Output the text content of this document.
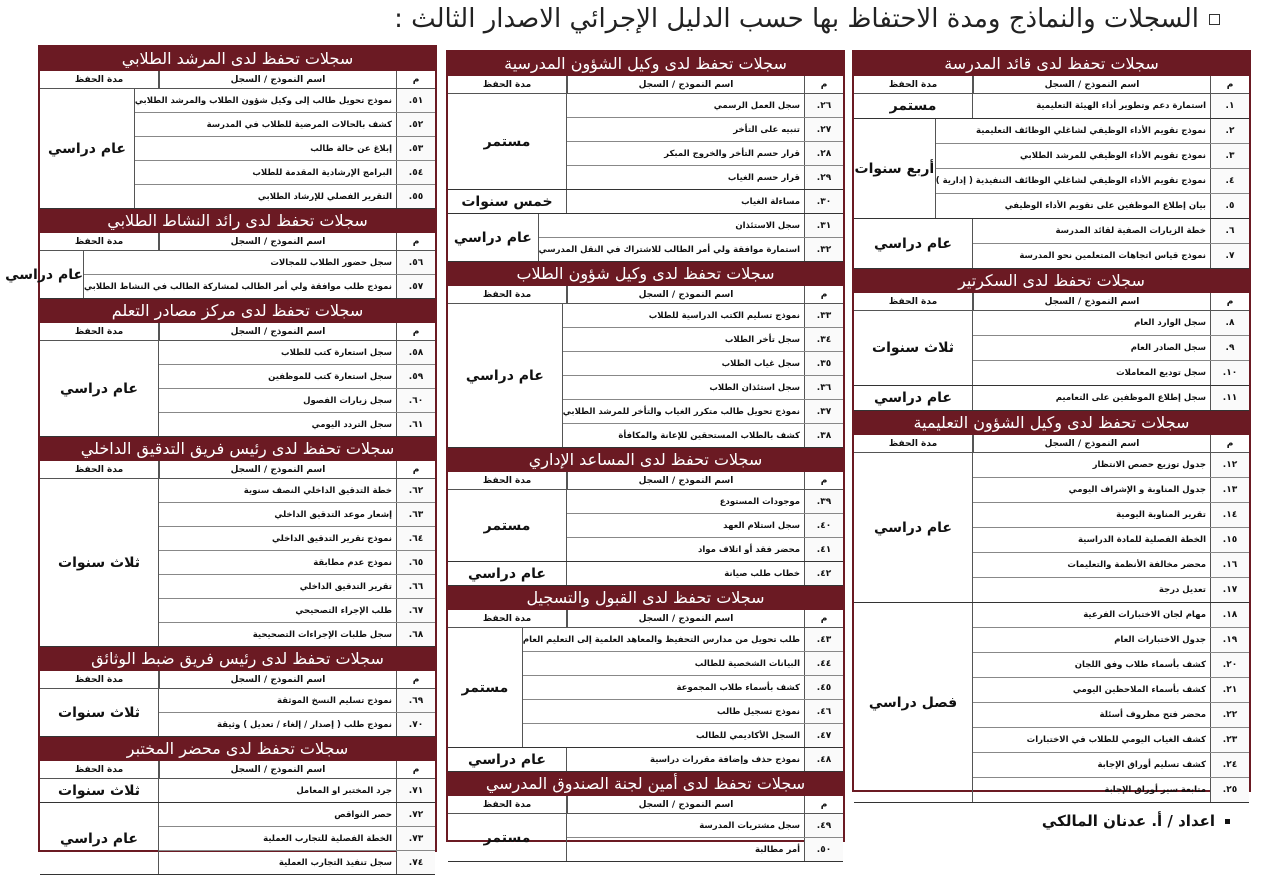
السجلات والنماذج ومدة الاحتفاظ بها حسب الدليل الإجرائي الاصدار الثالث :
سجلات تحفظ لدى قائد المدرسة
م
اسم النموذج / السجل
مدة الحفظ
١.
استمارة دعم وتطوير أداء الهيئة التعليمية
مستمر
٢.
نموذج تقويم الأداء الوظيفي لشاغلي الوظائف التعليمية
٣.
نموذج تقويم الأداء الوظيفي للمرشد الطلابي
٤.
نموذج تقويم الأداء الوظيفي لشاغلي الوظائف التنفيذية ( إدارية )
٥.
بيان إطلاع الموظفين على تقويم الأداء الوظيفي
أربع سنوات
٦.
خطة الزيارات الصفية لقائد المدرسة
٧.
نموذج قياس اتجاهات المتعلمين نحو المدرسة
عام دراسي
سجلات تحفظ لدى السكرتير
م
اسم النموذج / السجل
مدة الحفظ
٨.
سجل الوارد العام
٩.
سجل الصادر العام
١٠.
سجل توديع المعاملات
ثلاث سنوات
١١.
سجل إطلاع الموظفين على التعاميم
عام دراسي
سجلات تحفظ لدى وكيل الشؤون التعليمية
م
اسم النموذج / السجل
مدة الحفظ
١٢.
جدول توزيع حصص الانتظار
١٣.
جدول المناوبة و الإشراف اليومي
١٤.
تقرير المناوبة اليومية
١٥.
الخطة الفصلية للمادة الدراسية
١٦.
محضر مخالفة الأنظمة والتعليمات
١٧.
تعديل درجة
عام دراسي
١٨.
مهام لجان الاختبارات الفرعية
١٩.
جدول الاختبارات العام
٢٠.
كشف بأسماء طلاب وفق اللجان
٢١.
كشف بأسماء الملاحظين اليومي
٢٢.
محضر فتح مظروف أسئلة
٢٣.
كشف الغياب اليومي للطلاب في الاختبارات
٢٤.
كشف تسليم أوراق الإجابة
٢٥.
متابعة سير أوراق الإجابة
فصل دراسي
سجلات تحفظ لدى وكيل الشؤون المدرسية
م
اسم النموذج / السجل
مدة الحفظ
٢٦.
سجل العمل الرسمي
٢٧.
تنبيه على التأخر
٢٨.
قرار حسم التأخر والخروج المبكر
٢٩.
قرار حسم الغياب
مستمر
٣٠.
مساءلة الغياب
خمس سنوات
٣١.
سجل الاستئذان
٣٢.
استمارة موافقة ولي أمر الطالب للاشتراك في النقل المدرسي
عام دراسي
سجلات تحفظ لدى وكيل شؤون الطلاب
م
اسم النموذج / السجل
مدة الحفظ
٣٣.
نموذج تسليم الكتب الدراسية للطلاب
٣٤.
سجل تأخر الطلاب
٣٥.
سجل غياب الطلاب
٣٦.
سجل استئذان الطلاب
٣٧.
نموذج تحويل طالب متكرر الغياب والتأخر للمرشد الطلابي
٣٨.
كشف بالطلاب المستحقين للإعانة والمكافأة
عام دراسي
سجلات تحفظ لدى المساعد الإداري
م
اسم النموذج / السجل
مدة الحفظ
٣٩.
موجودات المستودع
٤٠.
سجل استلام العهد
٤١.
محضر فقد أو اتلاف مواد
مستمر
٤٢.
خطاب طلب صيانة
عام دراسي
سجلات تحفظ لدى القبول والتسجيل
م
اسم النموذج / السجل
مدة الحفظ
٤٣.
طلب تحويل من مدارس التحفيظ والمعاهد العلمية إلى التعليم العام
٤٤.
البيانات الشخصية للطالب
٤٥.
كشف بأسماء طلاب المجموعة
٤٦.
نموذج تسجيل طالب
٤٧.
السجل الأكاديمي للطالب
مستمر
٤٨.
نموذج حذف وإضافة مقررات دراسية
عام دراسي
سجلات تحفظ لدى أمين لجنة الصندوق المدرسي
م
اسم النموذج / السجل
مدة الحفظ
٤٩.
سجل مشتريات المدرسة
٥٠.
أمر مطالبة
مستمر
سجلات تحفظ لدى المرشد الطلابي
م
اسم النموذج / السجل
مدة الحفظ
٥١.
نموذج تحويل طالب إلى وكيل شؤون الطلاب والمرشد الطلابي
٥٢.
كشف بالحالات المرضية للطلاب في المدرسة
٥٣.
إبلاغ عن حالة طالب
٥٤.
البرامج الإرشادية المقدمة للطلاب
٥٥.
التقرير الفصلي للإرشاد الطلابي
عام دراسي
سجلات تحفظ لدى رائد النشاط الطلابي
م
اسم النموذج / السجل
مدة الحفظ
٥٦.
سجل حضور الطلاب للمجالات
٥٧.
نموذج طلب موافقة ولي أمر الطالب لمشاركة الطالب في النشاط الطلابي
عام دراسي
سجلات تحفظ لدى مركز مصادر التعلم
م
اسم النموذج / السجل
مدة الحفظ
٥٨.
سجل استعارة كتب للطلاب
٥٩.
سجل استعارة كتب للموظفين
٦٠.
سجل زيارات الفصول
٦١.
سجل التردد اليومي
عام دراسي
سجلات تحفظ لدى رئيس فريق التدقيق الداخلي
م
اسم النموذج / السجل
مدة الحفظ
٦٢.
خطة التدقيق الداخلي النصف سنوية
٦٣.
إشعار موعد التدقيق الداخلي
٦٤.
نموذج تقرير التدقيق الداخلي
٦٥.
نموذج عدم مطابقة
٦٦.
تقرير التدقيق الداخلي
٦٧.
طلب الإجراء التصحيحي
٦٨.
سجل طلبات الإجراءات التصحيحية
ثلاث سنوات
سجلات تحفظ لدى رئيس فريق ضبط الوثائق
م
اسم النموذج / السجل
مدة الحفظ
٦٩.
نموذج تسليم النسخ الموثقة
٧٠.
نموذج طلب ( إصدار / إلغاء / تعديل ) وثيقة
ثلاث سنوات
سجلات تحفظ لدى محضر المختبر
م
اسم النموذج / السجل
مدة الحفظ
٧١.
جرد المختبر او المعامل
ثلاث سنوات
٧٢.
حصر النواقص
٧٣.
الخطة الفصلية للتجارب العملية
٧٤.
سجل تنفيذ التجارب العملية
عام دراسي
اعداد / أ. عدنان المالكي
